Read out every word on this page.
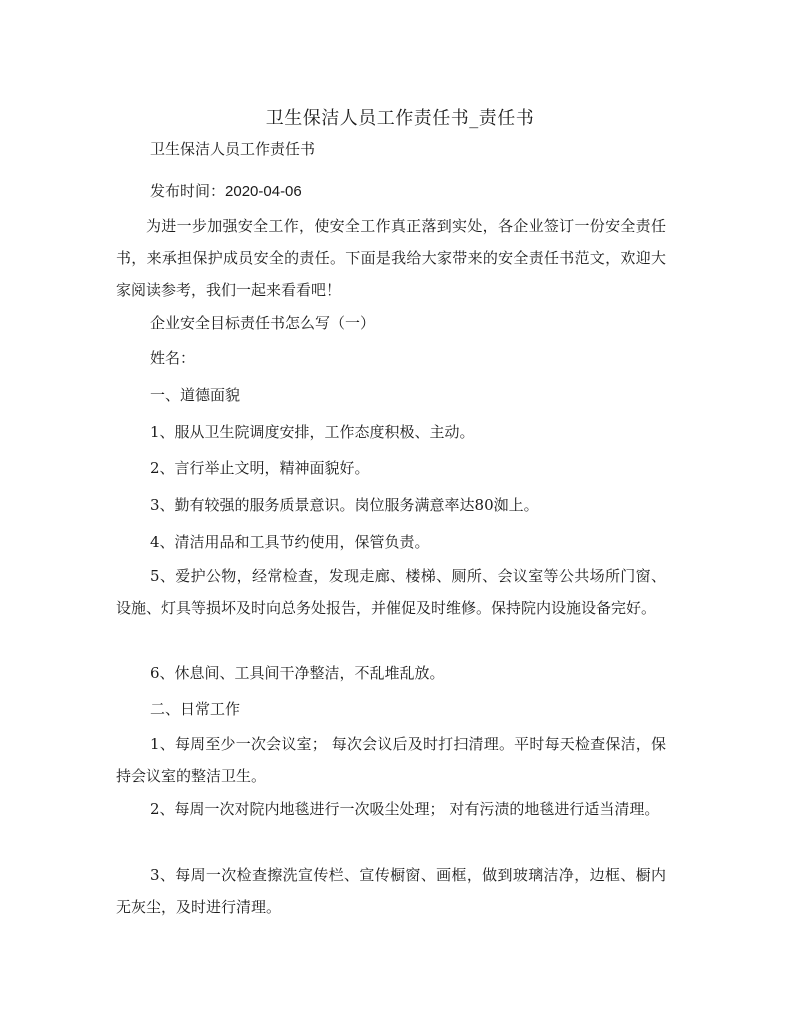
卫生保洁人员工作责任书_责任书
卫生保洁人员工作责任书
发布时间：2020-04-06
为进一步加强安全工作，使安全工作真正落到实处，各企业签订一份安全责任书，来承担保护成员安全的责任。下面是我给大家带来的安全责任书范文，欢迎大家阅读参考，我们一起来看看吧！
企业安全目标责任书怎么写（一）
姓名：
一、道德面貌
1、服从卫生院调度安排，工作态度积极、主动。
2、言行举止文明，精神面貌好。
3、勤有较强的服务质景意识。岗位服务满意率达80洳上。
4、清洁用品和工具节约使用，保管负责。
5、爱护公物，经常检查，发现走廊、楼梯、厕所、会议室等公共场所门窗、设施、灯具等损坏及时向总务处报告，并催促及时维修。保持院内设施设备完好。
6、休息间、工具间干净整洁，不乱堆乱放。
二、日常工作
1、每周至少一次会议室； 每次会议后及时打扫清理。平时每天检查保洁，保持会议室的整洁卫生。
2、每周一次对院内地毯进行一次吸尘处理； 对有污渍的地毯进行适当清理。
3、每周一次检查擦洗宣传栏、宣传橱窗、画框，做到玻璃洁净，边框、橱内无灰尘，及时进行清理。
